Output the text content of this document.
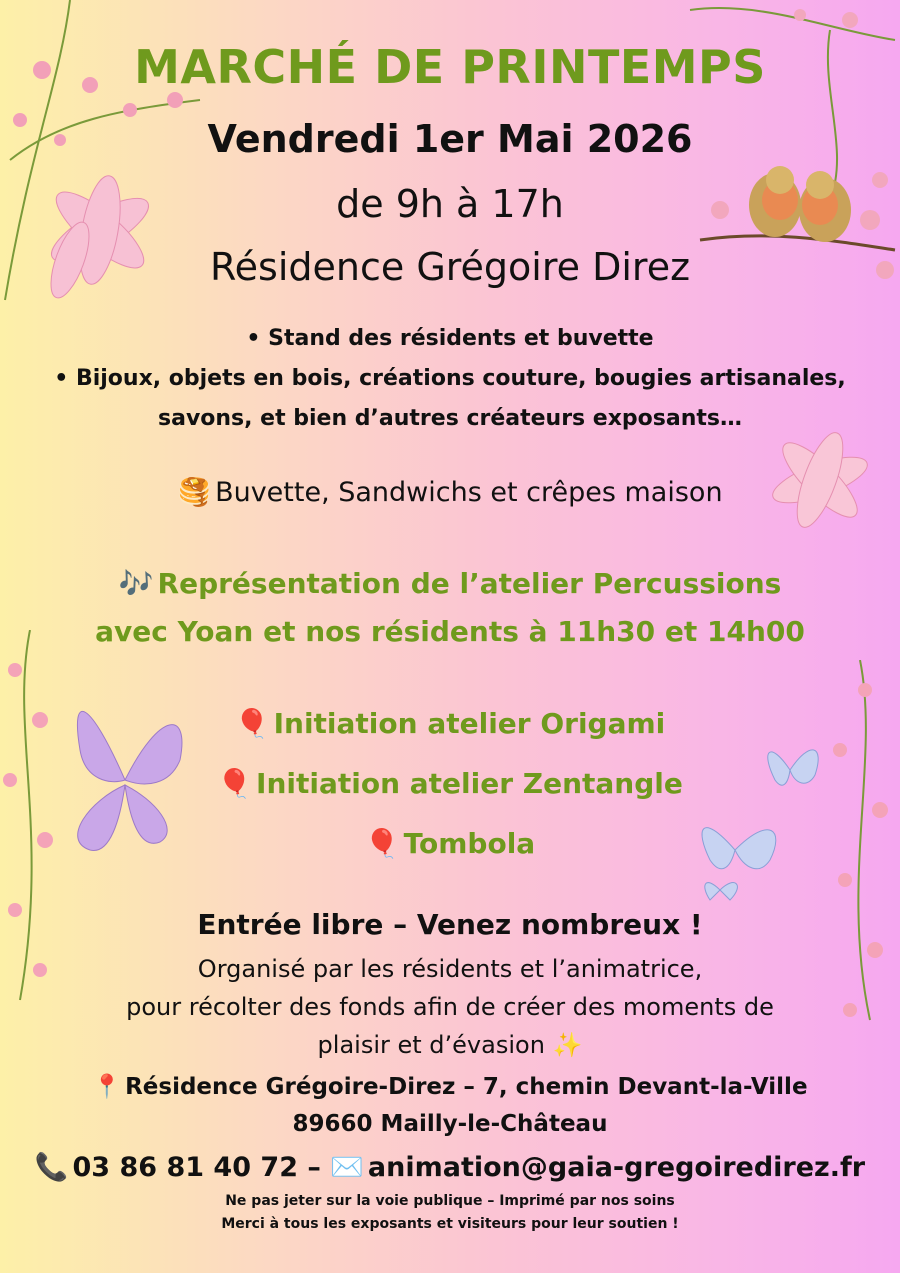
MARCHÉ DE PRINTEMPS
Vendredi 1er Mai 2026
de 9h à 17h
Résidence Grégoire Direz
• Stand des résidents et buvette
• Bijoux, objets en bois, créations couture, bougies artisanales,
savons, et bien d’autres créateurs exposants…
🥞 Buvette, Sandwichs et crêpes maison
🎶 Représentation de l’atelier Percussions
avec Yoan et nos résidents à 11h30 et 14h00
🎈 Initiation atelier Origami
🎈 Initiation atelier Zentangle
🎈 Tombola
Entrée libre – Venez nombreux !
Organisé par les résidents et l’animatrice,
pour récolter des fonds afin de créer des moments de
plaisir et d’évasion ✨
📍 Résidence Grégoire-Direz – 7, chemin Devant-la-Ville
89660 Mailly-le-Château
📞 03 86 81 40 72 – ✉️ animation@gaia-gregoiredirez.fr
Ne pas jeter sur la voie publique – Imprimé par nos soins
Merci à tous les exposants et visiteurs pour leur soutien !
